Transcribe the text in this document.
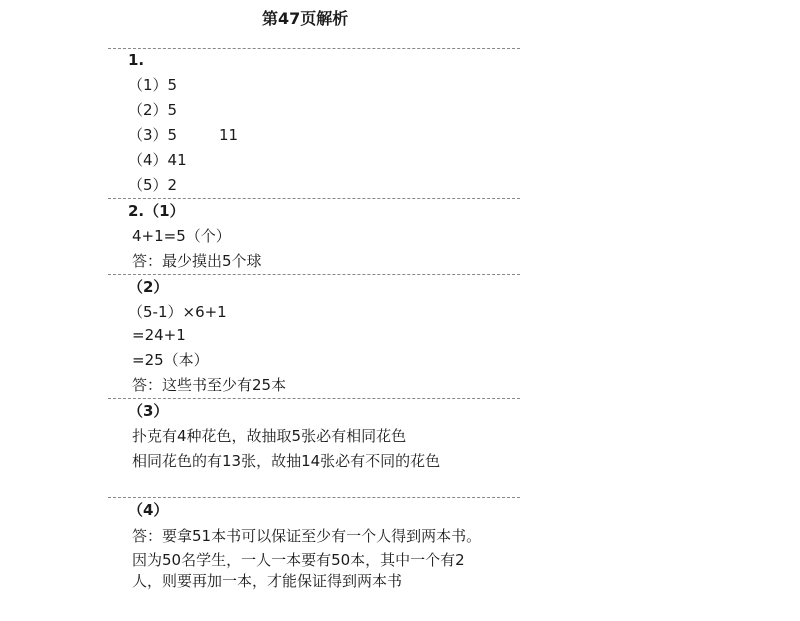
第47页解析
1.
（1）5
（2）5
（3）5	11
（4）41
（5）2
2.（1）
4+1=5（个）
答：最少摸出5个球
（2）
（5-1）×6+1
=24+1
=25（本）
答：这些书至少有25本
（3）
扑克有4种花色，故抽取5张必有相同花色
相同花色的有13张，故抽14张必有不同的花色
（4）
答：要拿51本书可以保证至少有一个人得到两本书。
因为50名学生，一人一本要有50本，其中一个有2
人，则要再加一本，才能保证得到两本书
